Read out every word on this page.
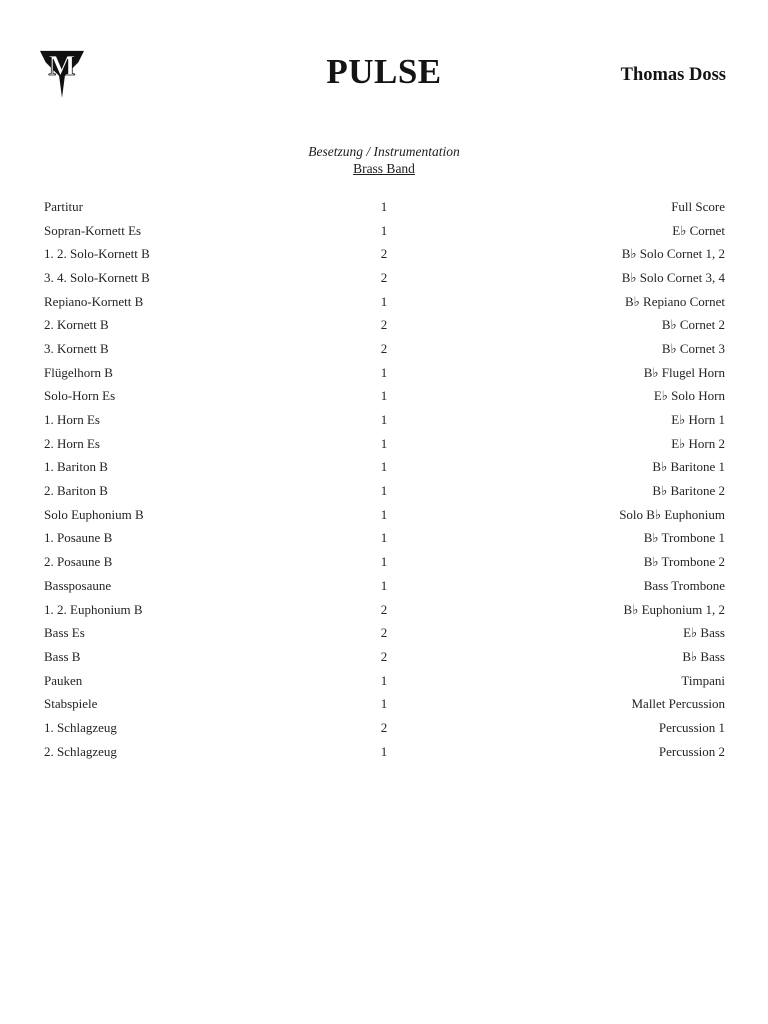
M	PULSE	Thomas Doss
Besetzung / Instrumentation
Brass Band
Partitur	1	Full Score
Sopran-Kornett Es	1	E♭ Cornet
1. 2. Solo-Kornett B	2	B♭ Solo Cornet 1, 2
3. 4. Solo-Kornett B	2	B♭ Solo Cornet 3, 4
Repiano-Kornett B	1	B♭ Repiano Cornet
2. Kornett B	2	B♭ Cornet 2
3. Kornett B	2	B♭ Cornet 3
Flügelhorn B	1	B♭ Flugel Horn
Solo-Horn Es	1	E♭ Solo Horn
1. Horn Es	1	E♭ Horn 1
2. Horn Es	1	E♭ Horn 2
1. Bariton B	1	B♭ Baritone 1
2. Bariton B	1	B♭ Baritone 2
Solo Euphonium B	1	Solo B♭ Euphonium
1. Posaune B	1	B♭ Trombone 1
2. Posaune B	1	B♭ Trombone 2
Bassposaune	1	Bass Trombone
1. 2. Euphonium B	2	B♭ Euphonium 1, 2
Bass Es	2	E♭ Bass
Bass B	2	B♭ Bass
Pauken	1	Timpani
Stabspiele	1	Mallet Percussion
1. Schlagzeug	2	Percussion 1
2. Schlagzeug	1	Percussion 2
